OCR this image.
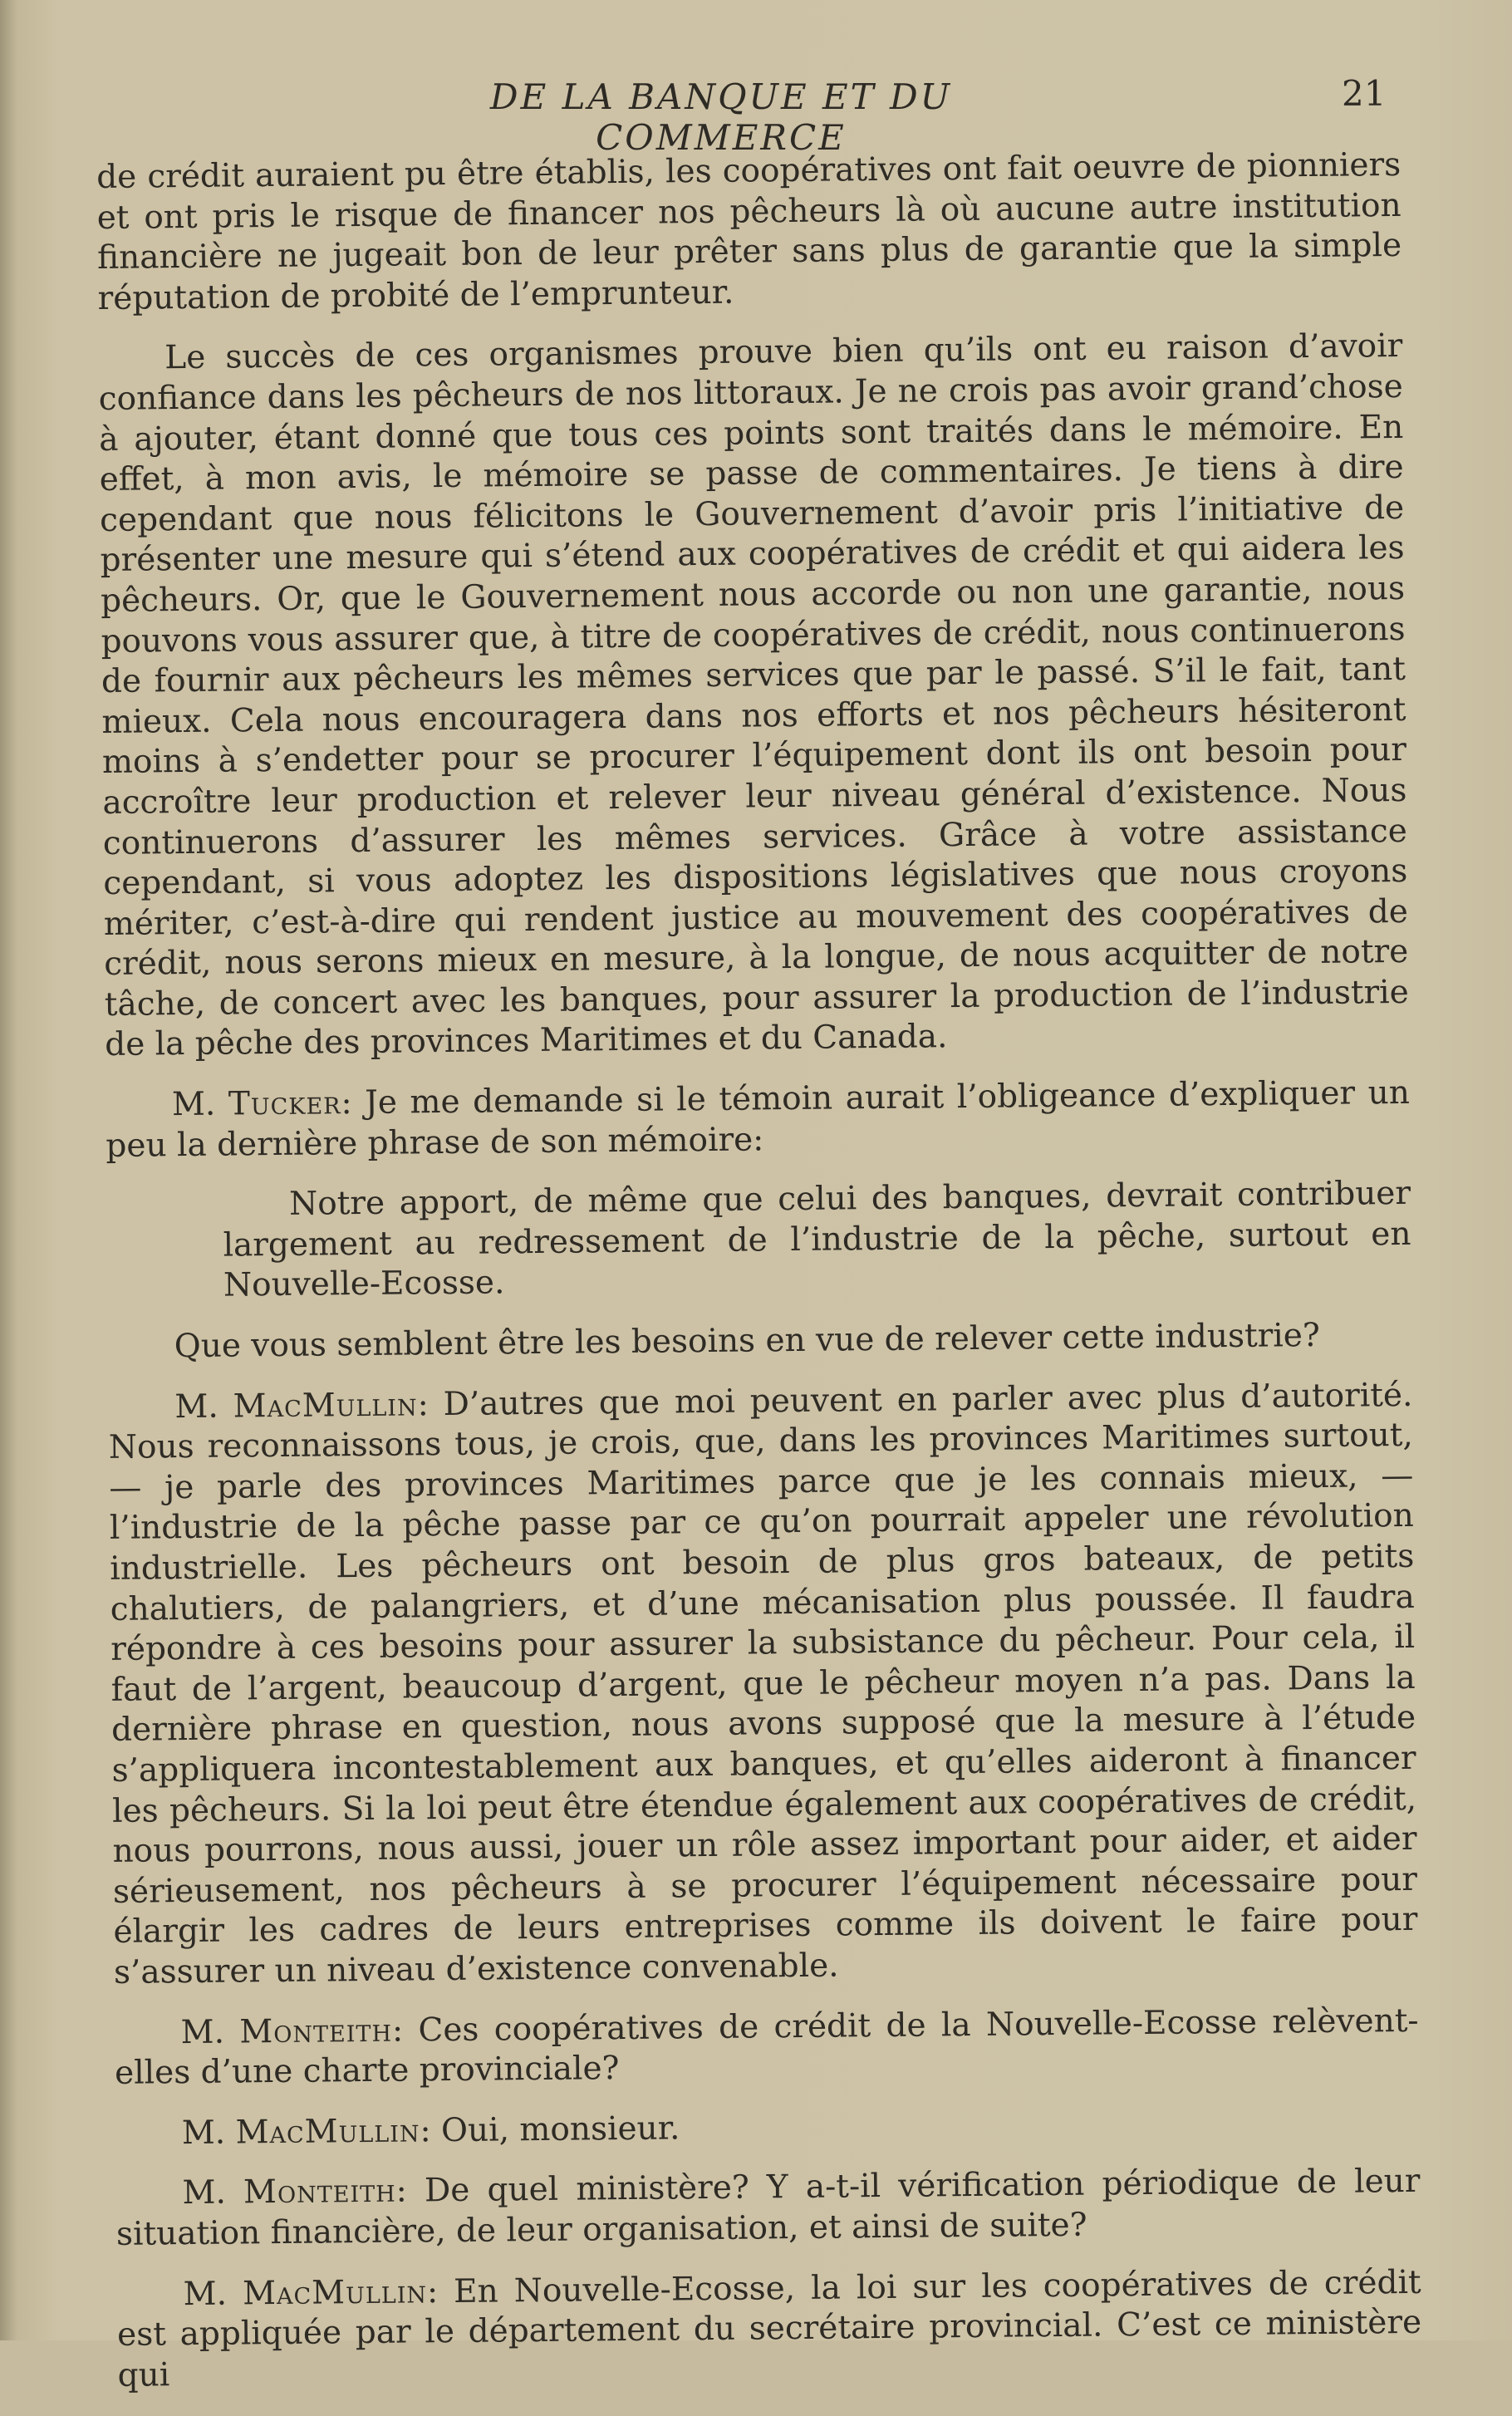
DE LA BANQUE ET DU COMMERCE
21

de crédit auraient pu être établis, les coopératives ont fait oeuvre de pionniers et ont pris le risque de financer nos pêcheurs là où aucune autre institution financière ne jugeait bon de leur prêter sans plus de garantie que la simple réputation de probité de l’emprunteur.

Le succès de ces organismes prouve bien qu’ils ont eu raison d’avoir confiance dans les pêcheurs de nos littoraux. Je ne crois pas avoir grand’chose à ajouter, étant donné que tous ces points sont traités dans le mémoire. En effet, à mon avis, le mémoire se passe de commentaires. Je tiens à dire cependant que nous félicitons le Gouvernement d’avoir pris l’initiative de présenter une mesure qui s’étend aux coopératives de crédit et qui aidera les pêcheurs. Or, que le Gouvernement nous accorde ou non une garantie, nous pouvons vous assurer que, à titre de coopératives de crédit, nous continuerons de fournir aux pêcheurs les mêmes services que par le passé. S’il le fait, tant mieux. Cela nous encouragera dans nos efforts et nos pêcheurs hésiteront moins à s’endetter pour se procurer l’équipement dont ils ont besoin pour accroître leur production et relever leur niveau général d’existence. Nous continuerons d’assurer les mêmes services. Grâce à votre assistance cependant, si vous adoptez les dispositions législatives que nous croyons mériter, c’est-à-dire qui rendent justice au mouvement des coopératives de crédit, nous serons mieux en mesure, à la longue, de nous acquitter de notre tâche, de concert avec les banques, pour assurer la production de l’industrie de la pêche des provinces Maritimes et du Canada.

M. Tucker: Je me demande si le témoin aurait l’obligeance d’expliquer un peu la dernière phrase de son mémoire:

Notre apport, de même que celui des banques, devrait contribuer largement au redressement de l’industrie de la pêche, surtout en Nouvelle-Ecosse.

Que vous semblent être les besoins en vue de relever cette industrie?

M. MacMullin: D’autres que moi peuvent en parler avec plus d’autorité. Nous reconnaissons tous, je crois, que, dans les provinces Maritimes surtout, — je parle des provinces Maritimes parce que je les connais mieux, — l’industrie de la pêche passe par ce qu’on pourrait appeler une révolution industrielle. Les pêcheurs ont besoin de plus gros bateaux, de petits chalutiers, de palangriers, et d’une mécanisation plus poussée. Il faudra répondre à ces besoins pour assurer la subsistance du pêcheur. Pour cela, il faut de l’argent, beaucoup d’argent, que le pêcheur moyen n’a pas. Dans la dernière phrase en question, nous avons supposé que la mesure à l’étude s’appliquera incontestablement aux banques, et qu’elles aideront à financer les pêcheurs. Si la loi peut être étendue également aux coopératives de crédit, nous pourrons, nous aussi, jouer un rôle assez important pour aider, et aider sérieusement, nos pêcheurs à se procurer l’équipement nécessaire pour élargir les cadres de leurs entreprises comme ils doivent le faire pour s’assurer un niveau d’existence convenable.

M. Monteith: Ces coopératives de crédit de la Nouvelle-Ecosse relèvent-elles d’une charte provinciale?

M. MacMullin: Oui, monsieur.

M. Monteith: De quel ministère? Y a-t-il vérification périodique de leur situation financière, de leur organisation, et ainsi de suite?

M. MacMullin: En Nouvelle-Ecosse, la loi sur les coopératives de crédit est appliquée par le département du secrétaire provincial. C’est ce ministère qui
